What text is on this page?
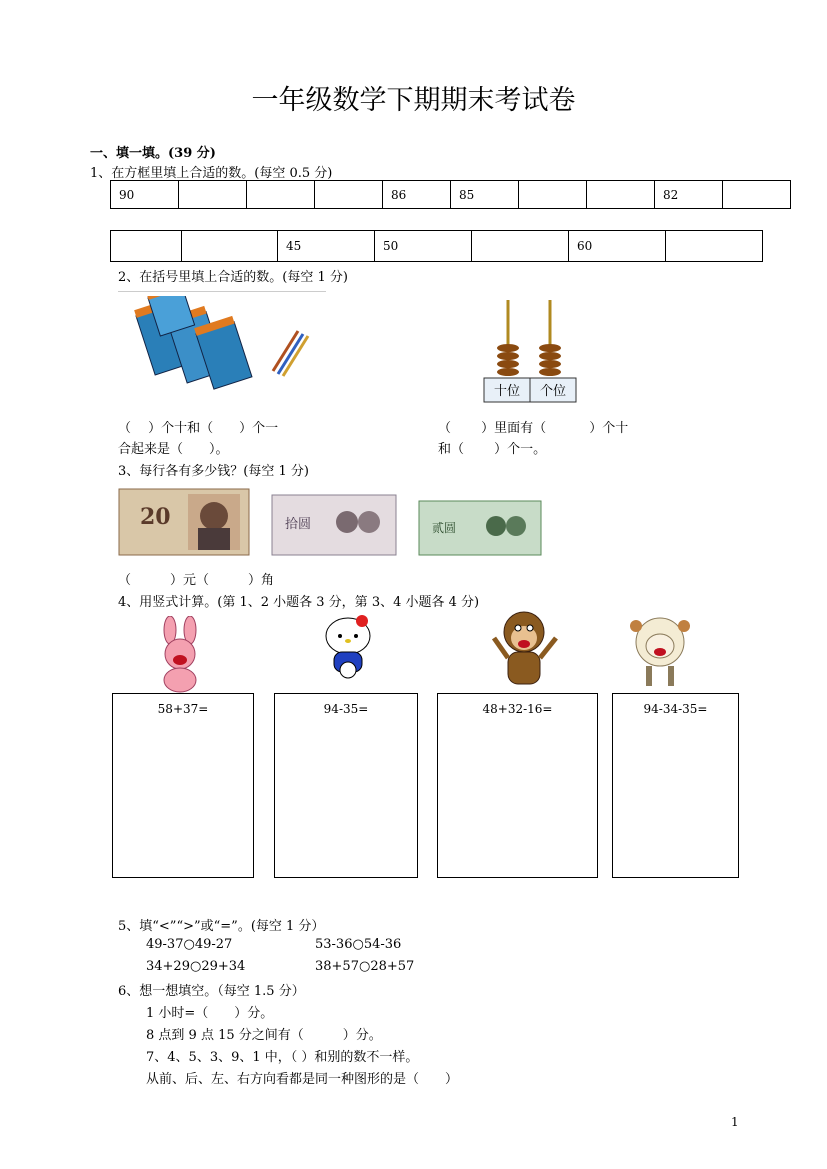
一年级数学下期期末考试卷
一、填一填。(39 分)
1、在方框里填上合适的数。(每空 0.5 分)
90				86	85			82	
		45	50		60	
2、在括号里填上合适的数。(每空 1 分)
十位 个位
（　 ）个十和（　　）个一
合起来是（　　）。
（　　 ）里面有（　　 　）个十
和（　　 ）个一。
3、每行各有多少钱？(每空 1 分)
20	拾圆	贰圆
（　　　）元（　　　）角
4、用竖式计算。(第 1、2 小题各 3 分，第 3、4 小题各 4 分)
58+37=	94-35=	48+32-16=	94-34-35=
5、填“<”“>”或“=”。(每空 1 分）
49-37○49-27	53-36○54-36
34+29○29+34	38+57○28+57
6、想一想填空。（每空 1.5 分）
1 小时=（　　）分。
8 点到 9 点 15 分之间有（　　　）分。
7、4、5、3、9、1 中，（ ）和别的数不一样。
从前、后、左、右方向看都是同一种图形的是（　　）
1
